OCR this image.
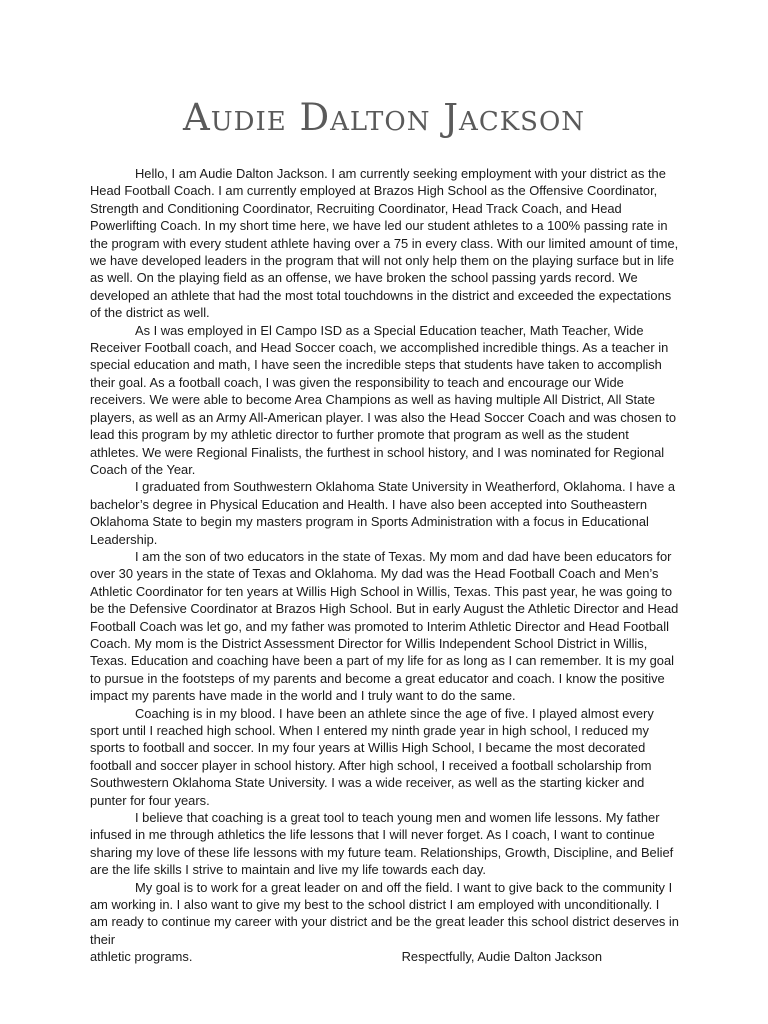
Audie Dalton Jackson

Hello, I am Audie Dalton Jackson. I am currently seeking employment with your district as the Head Football Coach. I am currently employed at Brazos High School as the Offensive Coordinator, Strength and Conditioning Coordinator, Recruiting Coordinator, Head Track Coach, and Head Powerlifting Coach. In my short time here, we have led our student athletes to a 100% passing rate in the program with every student athlete having over a 75 in every class. With our limited amount of time, we have developed leaders in the program that will not only help them on the playing surface but in life as well. On the playing field as an offense, we have broken the school passing yards record. We developed an athlete that had the most total touchdowns in the district and exceeded the expectations of the district as well.

As I was employed in El Campo ISD as a Special Education teacher, Math Teacher, Wide Receiver Football coach, and Head Soccer coach, we accomplished incredible things. As a teacher in special education and math, I have seen the incredible steps that students have taken to accomplish their goal. As a football coach, I was given the responsibility to teach and encourage our Wide receivers. We were able to become Area Champions as well as having multiple All District, All State players, as well as an Army All-American player. I was also the Head Soccer Coach and was chosen to lead this program by my athletic director to further promote that program as well as the student athletes. We were Regional Finalists, the furthest in school history, and I was nominated for Regional Coach of the Year.

I graduated from Southwestern Oklahoma State University in Weatherford, Oklahoma. I have a bachelor’s degree in Physical Education and Health. I have also been accepted into Southeastern Oklahoma State to begin my masters program in Sports Administration with a focus in Educational Leadership.

I am the son of two educators in the state of Texas. My mom and dad have been educators for over 30 years in the state of Texas and Oklahoma. My dad was the Head Football Coach and Men’s Athletic Coordinator for ten years at Willis High School in Willis, Texas. This past year, he was going to be the Defensive Coordinator at Brazos High School. But in early August the Athletic Director and Head Football Coach was let go, and my father was promoted to Interim Athletic Director and Head Football Coach. My mom is the District Assessment Director for Willis Independent School District in Willis, Texas. Education and coaching have been a part of my life for as long as I can remember. It is my goal to pursue in the footsteps of my parents and become a great educator and coach. I know the positive impact my parents have made in the world and I truly want to do the same.

Coaching is in my blood. I have been an athlete since the age of five. I played almost every sport until I reached high school. When I entered my ninth grade year in high school, I reduced my sports to football and soccer. In my four years at Willis High School, I became the most decorated football and soccer player in school history. After high school, I received a football scholarship from Southwestern Oklahoma State University. I was a wide receiver, as well as the starting kicker and punter for four years.

I believe that coaching is a great tool to teach young men and women life lessons. My father infused in me through athletics the life lessons that I will never forget. As I coach, I want to continue sharing my love of these life lessons with my future team. Relationships, Growth, Discipline, and Belief are the life skills I strive to maintain and live my life towards each day.

My goal is to work for a great leader on and off the field. I want to give back to the community I am working in. I also want to give my best to the school district I am employed with unconditionally. I am ready to continue my career with your district and be the great leader this school district deserves in their

athletic programs.	Respectfully, Audie Dalton Jackson
